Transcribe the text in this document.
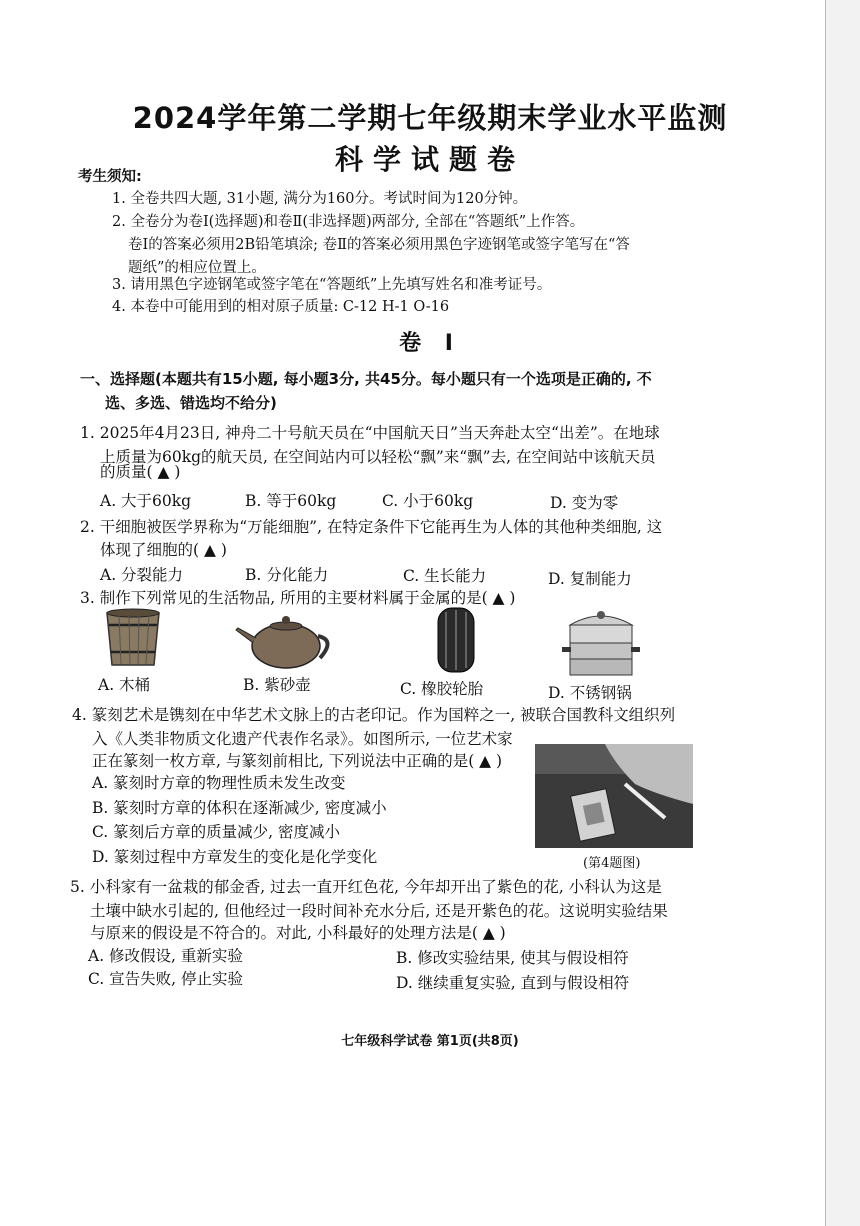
2024学年第二学期七年级期末学业水平监测
科学试题卷
考生须知:
1. 全卷共四大题, 31小题, 满分为160分。考试时间为120分钟。
2. 全卷分为卷Ⅰ(选择题)和卷Ⅱ(非选择题)两部分, 全部在“答题纸”上作答。
卷Ⅰ的答案必须用2B铅笔填涂; 卷Ⅱ的答案必须用黑色字迹钢笔或签字笔写在“答
题纸”的相应位置上。
3. 请用黑色字迹钢笔或签字笔在“答题纸”上先填写姓名和准考证号。
4. 本卷中可能用到的相对原子质量: C-12 H-1 O-16
卷 Ⅰ
一、选择题(本题共有15小题, 每小题3分, 共45分。每小题只有一个选项是正确的, 不
选、多选、错选均不给分)
1. 2025年4月23日, 神舟二十号航天员在“中国航天日”当天奔赴太空“出差”。在地球
上质量为60kg的航天员, 在空间站内可以轻松“飘”来“飘”去, 在空间站中该航天员
的质量( ▲ )
A. 大于60kg	B. 等于60kg	C. 小于60kg	D. 变为零
2. 干细胞被医学界称为“万能细胞”, 在特定条件下它能再生为人体的其他种类细胞, 这
体现了细胞的( ▲ )
A. 分裂能力	B. 分化能力	C. 生长能力	D. 复制能力
3. 制作下列常见的生活物品, 所用的主要材料属于金属的是( ▲ )
A. 木桶	B. 紫砂壶	C. 橡胶轮胎	D. 不锈钢锅
4. 篆刻艺术是镌刻在中华艺术文脉上的古老印记。作为国粹之一, 被联合国教科文组织列
入《人类非物质文化遗产代表作名录》。如图所示, 一位艺术家
正在篆刻一枚方章, 与篆刻前相比, 下列说法中正确的是( ▲ )
A. 篆刻时方章的物理性质未发生改变
B. 篆刻时方章的体积在逐渐减少, 密度减小
C. 篆刻后方章的质量减少, 密度减小
D. 篆刻过程中方章发生的变化是化学变化	(第4题图)
5. 小科家有一盆栽的郁金香, 过去一直开红色花, 今年却开出了紫色的花, 小科认为这是
土壤中缺水引起的, 但他经过一段时间补充水分后, 还是开紫色的花。这说明实验结果
与原来的假设是不符合的。对此, 小科最好的处理方法是( ▲ )
A. 修改假设, 重新实验	B. 修改实验结果, 使其与假设相符
C. 宣告失败, 停止实验	D. 继续重复实验, 直到与假设相符
七年级科学试卷 第1页(共8页)
